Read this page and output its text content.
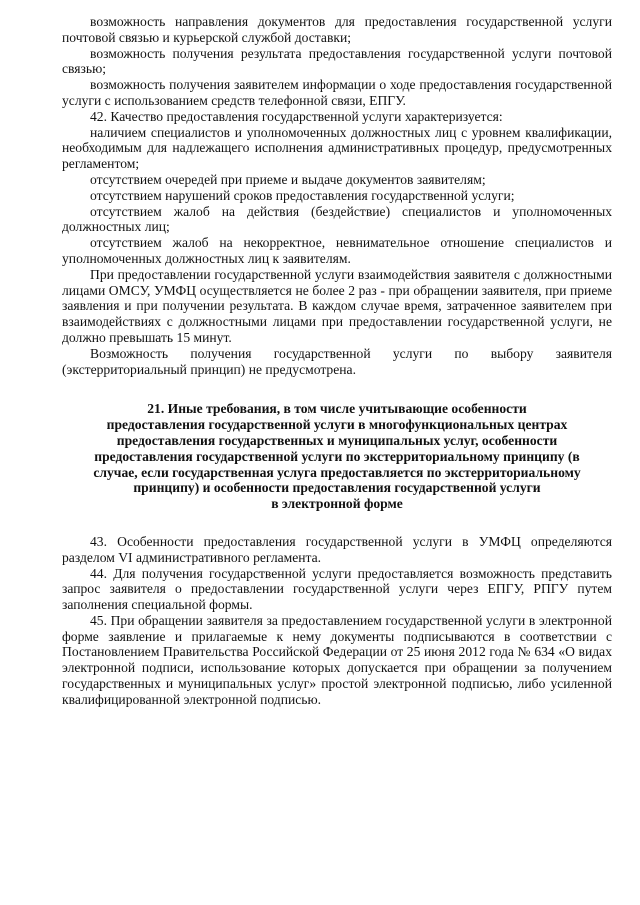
возможность направления документов для предоставления государственной услуги почтовой связью и курьерской службой доставки;

возможность получения результата предоставления государственной услуги почтовой связью;

возможность получения заявителем информации о ходе предоставления государственной услуги с использованием средств телефонной связи, ЕПГУ.

42. Качество предоставления государственной услуги характеризуется:

наличием специалистов и уполномоченных должностных лиц с уровнем квалификации, необходимым для надлежащего исполнения административных процедур, предусмотренных регламентом;

отсутствием очередей при приеме и выдаче документов заявителям;

отсутствием нарушений сроков предоставления государственной услуги;

отсутствием жалоб на действия (бездействие) специалистов и уполномоченных должностных лиц;

отсутствием жалоб на некорректное, невнимательное отношение специалистов и уполномоченных должностных лиц к заявителям.

При предоставлении государственной услуги взаимодействия заявителя с должностными лицами ОМСУ, УМФЦ осуществляется не более 2 раз - при обращении заявителя, при приеме заявления и при получении результата. В каждом случае время, затраченное заявителем при взаимодействиях с должностными лицами при предоставлении государственной услуги, не должно превышать 15 минут.

Возможность получения государственной услуги по выбору заявителя (экстерриториальный принцип) не предусмотрена.

21. Иные требования, в том числе учитывающие особенности

предоставления государственной услуги в многофункциональных центрах

предоставления государственных и муниципальных услуг, особенности

предоставления государственной услуги по экстерриториальному принципу (в

случае, если государственная услуга предоставляется по экстерриториальному

принципу) и особенности предоставления государственной услуги

в электронной форме

43. Особенности предоставления государственной услуги в УМФЦ определяются разделом VI административного регламента.

44. Для получения государственной услуги предоставляется возможность представить запрос заявителя о предоставлении государственной услуги через ЕПГУ, РПГУ путем заполнения специальной формы.

45. При обращении заявителя за предоставлением государственной услуги в электронной форме заявление и прилагаемые к нему документы подписываются в соответствии с Постановлением Правительства Российской Федерации от 25 июня 2012 года № 634 «О видах электронной подписи, использование которых допускается при обращении за получением государственных и муниципальных услуг» простой электронной подписью, либо усиленной квалифицированной электронной подписью.
